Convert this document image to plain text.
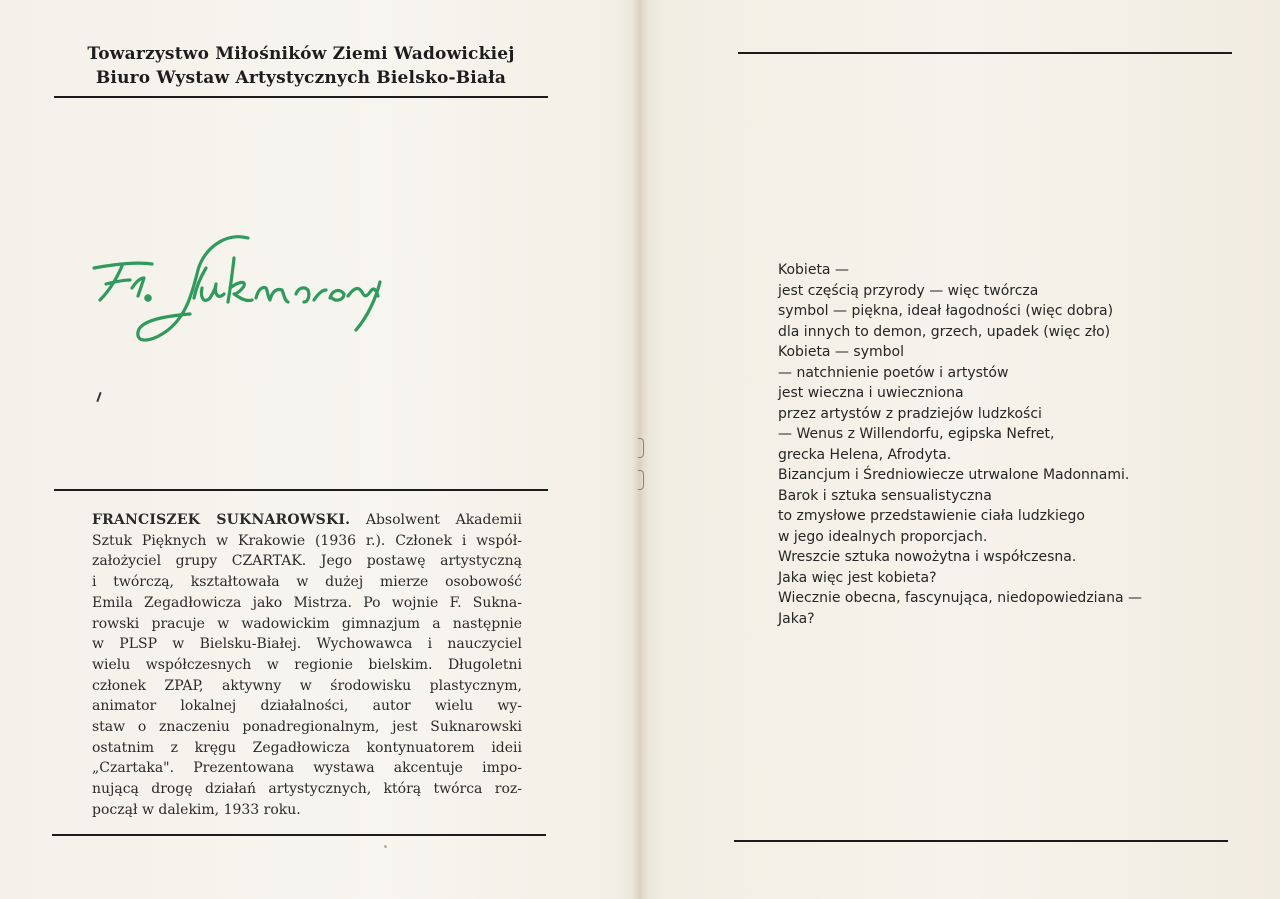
Towarzystwo Miłośników Ziemi Wadowickiej
Biuro Wystaw Artystycznych Bielsko-Biała
FRANCISZEK SUKNAROWSKI. Absolwent Akademii
Sztuk Pięknych w Krakowie (1936 r.). Członek i współ-
założyciel grupy CZARTAK. Jego postawę artystyczną
i twórczą, kształtowała w dużej mierze osobowość
Emila Zegadłowicza jako Mistrza. Po wojnie F. Sukna-
rowski pracuje w wadowickim gimnazjum a następnie
w PLSP w Bielsku-Białej. Wychowawca i nauczyciel
wielu współczesnych w regionie bielskim. Długoletni
członek ZPAP, aktywny w środowisku plastycznym,
animator lokalnej działalności, autor wielu wy-
staw o znaczeniu ponadregionalnym, jest Suknarowski
ostatnim z kręgu Zegadłowicza kontynuatorem ideii
„Czartaka". Prezentowana wystawa akcentuje impo-
nującą drogę działań artystycznych, którą twórca roz-
począł w dalekim, 1933 roku.
Kobieta —
jest częścią przyrody — więc twórcza
symbol — piękna, ideał łagodności (więc dobra)
dla innych to demon, grzech, upadek (więc zło)
Kobieta — symbol
— natchnienie poetów i artystów
jest wieczna i uwieczniona
przez artystów z pradziejów ludzkości
— Wenus z Willendorfu, egipska Nefret,
grecka Helena, Afrodyta.
Bizancjum i Średniowiecze utrwalone Madonnami.
Barok i sztuka sensualistyczna
to zmysłowe przedstawienie ciała ludzkiego
w jego idealnych proporcjach.
Wreszcie sztuka nowożytna i współczesna.
Jaka więc jest kobieta?
Wiecznie obecna, fascynująca, niedopowiedziana —
Jaka?
